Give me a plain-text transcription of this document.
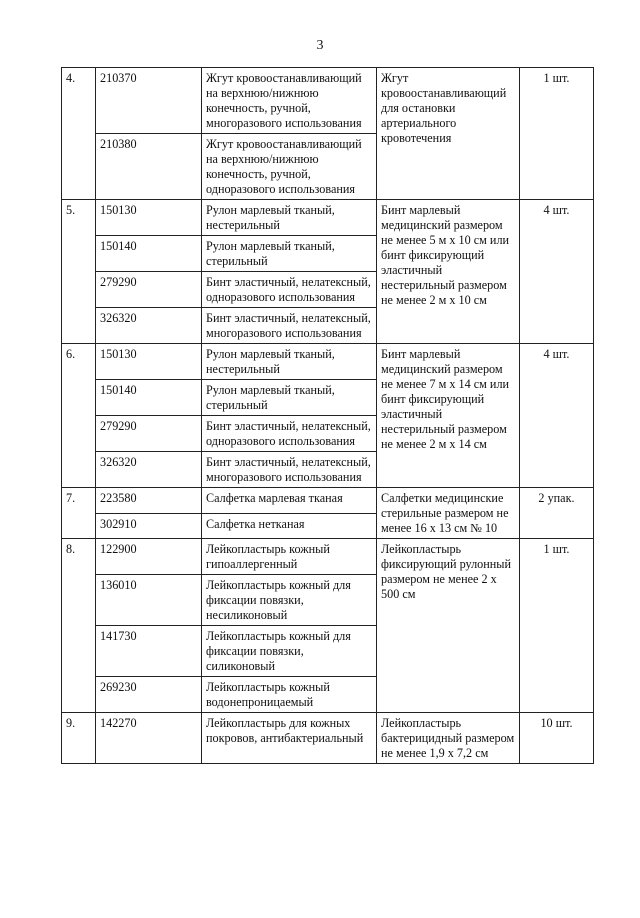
3
4.	210370	Жгут кровоостанавливающий на верхнюю/нижнюю конечность, ручной, многоразового использования	Жгут кровоостанавливающий для остановки артериального кровотечения	1 шт.
	210380	Жгут кровоостанавливающий на верхнюю/нижнюю конечность, ручной, одноразового использования		
5.	150130	Рулон марлевый тканый, нестерильный	Бинт марлевый медицинский размером не менее 5 м х 10 см или бинт фиксирующий эластичный нестерильный размером не менее 2 м х 10 см	4 шт.
	150140	Рулон марлевый тканый, стерильный		
	279290	Бинт эластичный, нелатексный, одноразового использования		
	326320	Бинт эластичный, нелатексный, многоразового использования		
6.	150130	Рулон марлевый тканый, нестерильный	Бинт марлевый медицинский размером не менее 7 м х 14 см или бинт фиксирующий эластичный нестерильный размером не менее 2 м х 14 см	4 шт.
	150140	Рулон марлевый тканый, стерильный		
	279290	Бинт эластичный, нелатексный, одноразового использования		
	326320	Бинт эластичный, нелатексный, многоразового использования		
7.	223580	Салфетка марлевая тканая	Салфетки медицинские стерильные размером не менее 16 х 13 см № 10	2 упак.
	302910	Салфетка нетканая		
8.	122900	Лейкопластырь кожный гипоаллергенный	Лейкопластырь фиксирующий рулонный размером не менее 2 х 500 см	1 шт.
	136010	Лейкопластырь кожный для фиксации повязки, несиликоновый		
	141730	Лейкопластырь кожный для фиксации повязки, силиконовый		
	269230	Лейкопластырь кожный водонепроницаемый		
9.	142270	Лейкопластырь для кожных покровов, антибактериальный	Лейкопластырь бактерицидный размером не менее 1,9 х 7,2 см	10 шт.
